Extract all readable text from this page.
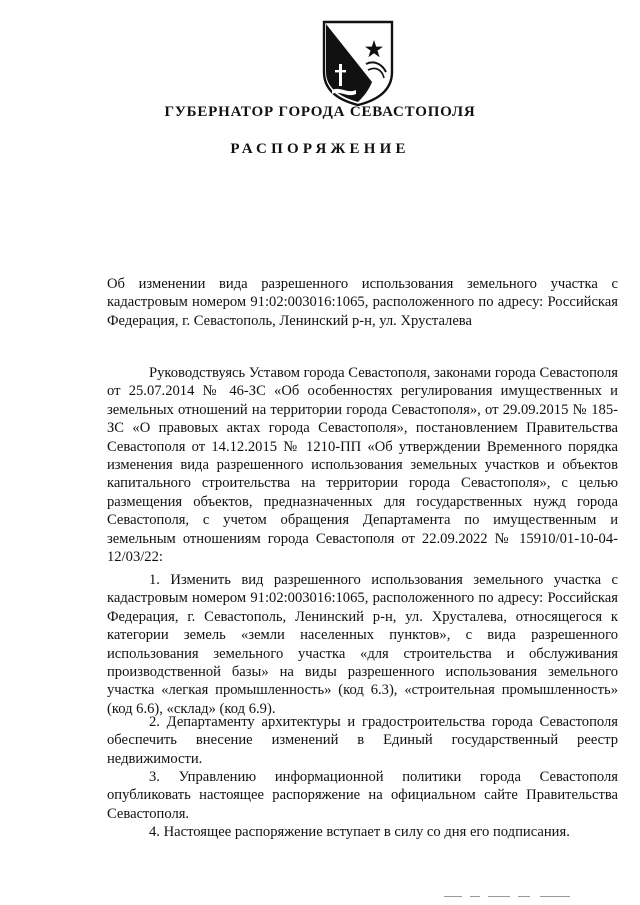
ГУБЕРНАТОР ГОРОДА СЕВАСТОПОЛЯ
РАСПОРЯЖЕНИЕ

Об изменении вида разрешенного использования земельного участка с кадастровым номером 91:02:003016:1065, расположенного по адресу: Российская Федерация, г. Севастополь, Ленинский р-н, ул. Хрусталева

Руководствуясь Уставом города Севастополя, законами города Севастополя от 25.07.2014 № 46-ЗС «Об особенностях регулирования имущественных и земельных отношений на территории города Севастополя», от 29.09.2015 № 185-ЗС «О правовых актах города Севастополя», постановлением Правительства Севастополя от 14.12.2015 № 1210-ПП «Об утверждении Временного порядка изменения вида разрешенного использования земельных участков и объектов капитального строительства на территории города Севастополя», с целью размещения объектов, предназначенных для государственных нужд города Севастополя, с учетом обращения Департамента по имущественным и земельным отношениям города Севастополя от 22.09.2022 № 15910/01-10-04-12/03/22:

1. Изменить вид разрешенного использования земельного участка с кадастровым номером 91:02:003016:1065, расположенного по адресу: Российская Федерация, г. Севастополь, Ленинский р-н, ул. Хрусталева, относящегося к категории земель «земли населенных пунктов», с вида разрешенного использования земельного участка «для строительства и обслуживания производственной базы» на виды разрешенного использования земельного участка «легкая промышленность» (код 6.3), «строительная промышленность» (код 6.6), «склад» (код 6.9).

2. Департаменту архитектуры и градостроительства города Севастополя обеспечить внесение изменений в Единый государственный реестр недвижимости.

3. Управлению информационной политики города Севастополя опубликовать настоящее распоряжение на официальном сайте Правительства Севастополя.

4. Настоящее распоряжение вступает в силу со дня его подписания.
